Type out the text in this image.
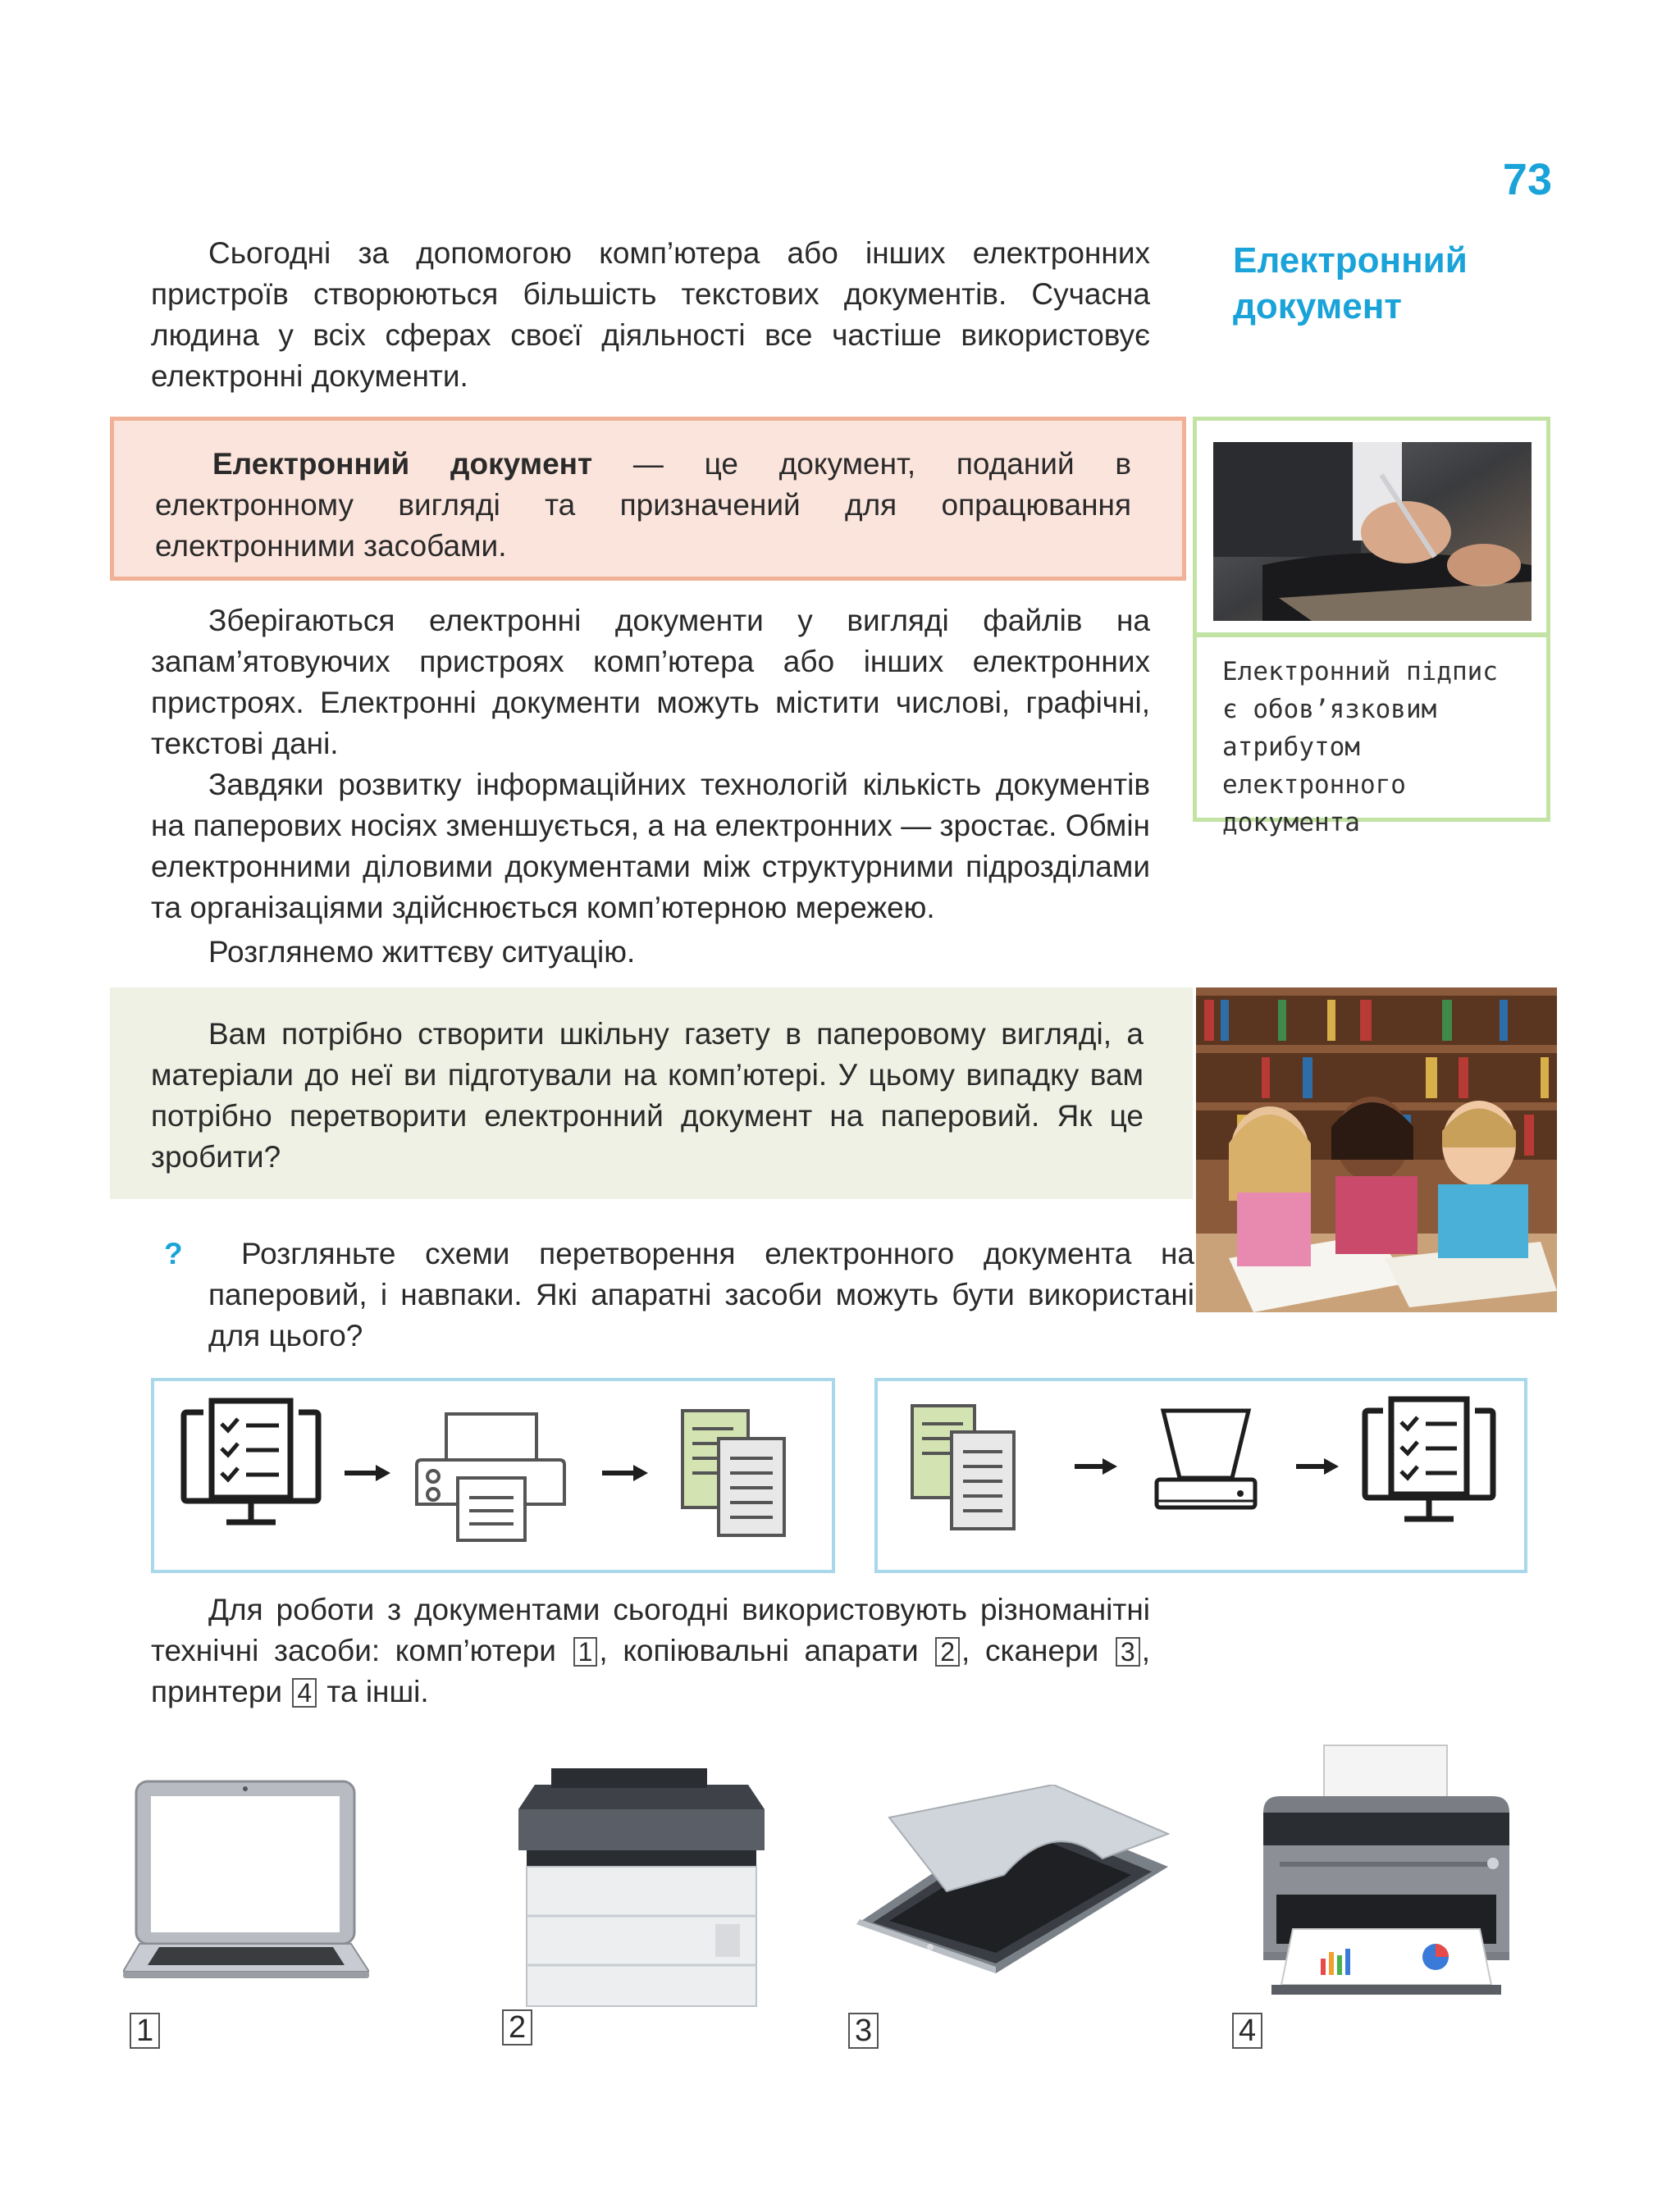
73
Електронний документ

Сьогодні за допомогою комп’ютера або інших електронних пристроїв створюються більшість текстових документів. Сучасна людина у всіх сферах своєї діяльності все частіше використовує електронні документи.

Електронний документ — це документ, поданий в електронному вигляді та призначений для опрацювання електронними засобами.

Електронний підпис є обов’язковим атрибутом електронного документа

Зберігаються електронні документи у вигляді файлів на запам’ятовуючих пристроях комп’ютера або інших електронних пристроях. Електронні документи можуть містити числові, графічні, текстові дані.

Завдяки розвитку інформаційних технологій кількість документів на паперових носіях зменшується, а на електронних — зростає. Обмін електронними діловими документами між структурними підрозділами та організаціями здійснюється комп’ютерною мережею.

Розглянемо життєву ситуацію.

Вам потрібно створити шкільну газету в паперовому вигляді, а матеріали до неї ви підготували на комп’ютері. У цьому випадку вам потрібно перетворити електронний документ на паперовий. Як це зробити?

? Розгляньте схеми перетворення електронного документа на паперовий, і навпаки. Які апаратні засоби можуть бути використані для цього?

Для роботи з документами сьогодні використовують різноманітні технічні засоби: комп’ютери 1 , копіювальні апарати 2 , сканери 3 , принтери 4 та інші.

1	2	3	4
